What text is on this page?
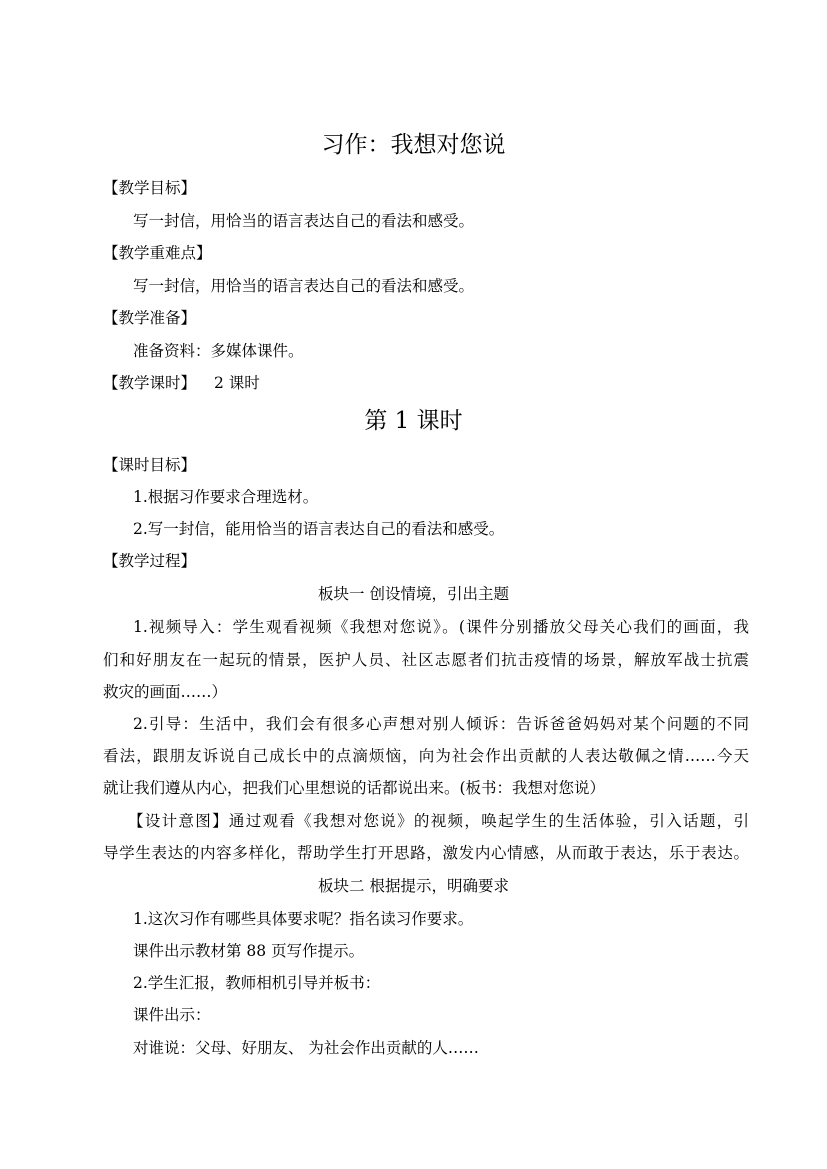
习作：我想对您说
【教学目标】
写一封信，用恰当的语言表达自己的看法和感受。
【教学重难点】
写一封信，用恰当的语言表达自己的看法和感受。
【教学准备】
准备资料：多媒体课件。
【教学课时】 2 课时
第 1 课时
【课时目标】
1.根据习作要求合理选材。
2.写一封信，能用恰当的语言表达自己的看法和感受。
【教学过程】
板块一 创设情境，引出主题
1.视频导入：学生观看视频《我想对您说》。(课件分别播放父母关心我们的画面，我
们和好朋友在一起玩的情景，医护人员、社区志愿者们抗击疫情的场景，解放军战士抗震
救灾的画面……）
2.引导：生活中，我们会有很多心声想对别人倾诉：告诉爸爸妈妈对某个问题的不同
看法，跟朋友诉说自己成长中的点滴烦恼，向为社会作出贡献的人表达敬佩之情……今天
就让我们遵从内心，把我们心里想说的话都说出来。(板书：我想对您说）
【设计意图】通过观看《我想对您说》的视频，唤起学生的生活体验，引入话题，引
导学生表达的内容多样化，帮助学生打开思路，激发内心情感，从而敢于表达，乐于表达。
板块二 根据提示，明确要求
1.这次习作有哪些具体要求呢？指名读习作要求。
课件出示教材第 88 页写作提示。
2.学生汇报，教师相机引导并板书：
课件出示：
对谁说：父母、好朋友、 为社会作出贡献的人……
